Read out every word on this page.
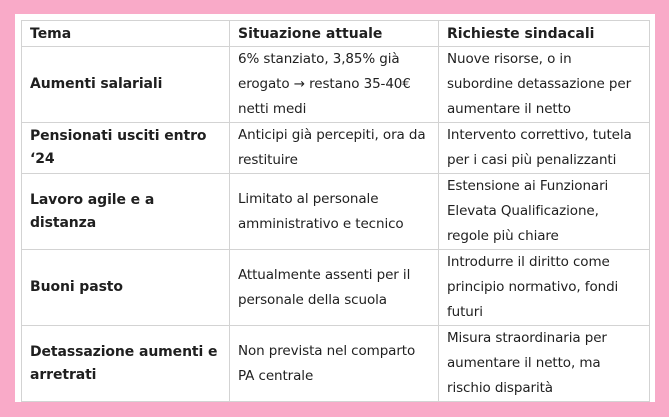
Tema	Situazione attuale	Richieste sindacali
Aumenti salariali	6% stanziato, 3,85% già erogato → restano 35-40€ netti medi	Nuove risorse, o in subordine detassazione per aumentare il netto
Pensionati usciti entro ‘24	Anticipi già percepiti, ora da restituire	Intervento correttivo, tutela per i casi più penalizzanti
Lavoro agile e a distanza	Limitato al personale amministrativo e tecnico	Estensione ai Funzionari Elevata Qualificazione, regole più chiare
Buoni pasto	Attualmente assenti per il personale della scuola	Introdurre il diritto come principio normativo, fondi futuri
Detassazione aumenti e arretrati	Non prevista nel comparto PA centrale	Misura straordinaria per aumentare il netto, ma rischio disparità
